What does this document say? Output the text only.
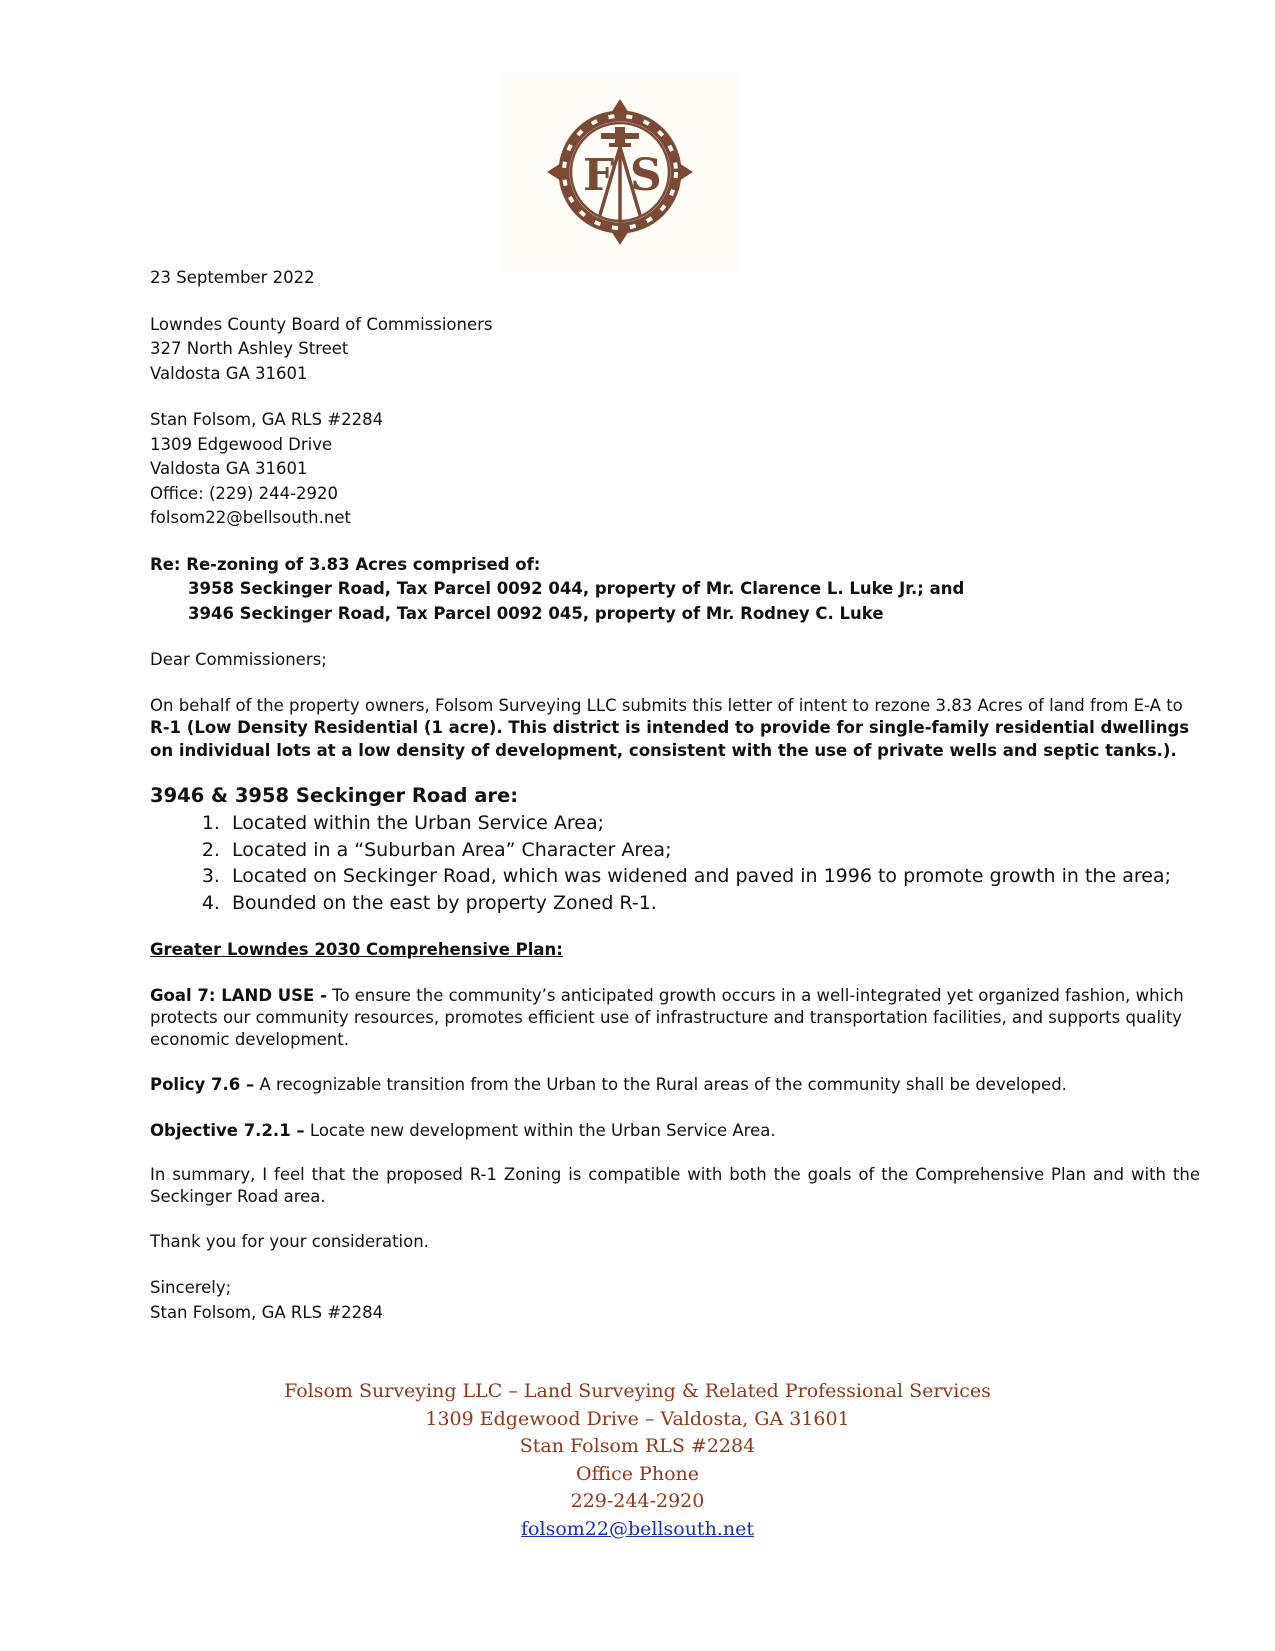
F S
23 September 2022
Lowndes County Board of Commissioners
327 North Ashley Street
Valdosta GA 31601
Stan Folsom, GA RLS #2284
1309 Edgewood Drive
Valdosta GA 31601
Office: (229) 244-2920
folsom22@bellsouth.net
Re: Re-zoning of 3.83 Acres comprised of:
3958 Seckinger Road, Tax Parcel 0092 044, property of Mr. Clarence L. Luke Jr.; and
3946 Seckinger Road, Tax Parcel 0092 045, property of Mr. Rodney C. Luke
Dear Commissioners;

On behalf of the property owners, Folsom Surveying LLC submits this letter of intent to rezone 3.83 Acres of land from E-A to
R-1 (Low Density Residential (1 acre). This district is intended to provide for single-family residential dwellings on individual lots at a low density of development, consistent with the use of private wells and septic tanks.).

3946 & 3958 Seckinger Road are:
1. Located within the Urban Service Area;
2. Located in a “Suburban Area” Character Area;
3. Located on Seckinger Road, which was widened and paved in 1996 to promote growth in the area;
4. Bounded on the east by property Zoned R-1.
Greater Lowndes 2030 Comprehensive Plan:

Goal 7: LAND USE - To ensure the community’s anticipated growth occurs in a well-integrated yet organized fashion, which protects our community resources, promotes efficient use of infrastructure and transportation facilities, and supports quality economic development.

Policy 7.6 – A recognizable transition from the Urban to the Rural areas of the community shall be developed.

Objective 7.2.1 – Locate new development within the Urban Service Area.

In summary, I feel that the proposed R-1 Zoning is compatible with both the goals of the Comprehensive Plan and with the Seckinger Road area.

Thank you for your consideration.
Sincerely;
Stan Folsom, GA RLS #2284
Folsom Surveying LLC – Land Surveying & Related Professional Services
1309 Edgewood Drive – Valdosta, GA 31601
Stan Folsom RLS #2284
Office Phone
229-244-2920
folsom22@bellsouth.net
